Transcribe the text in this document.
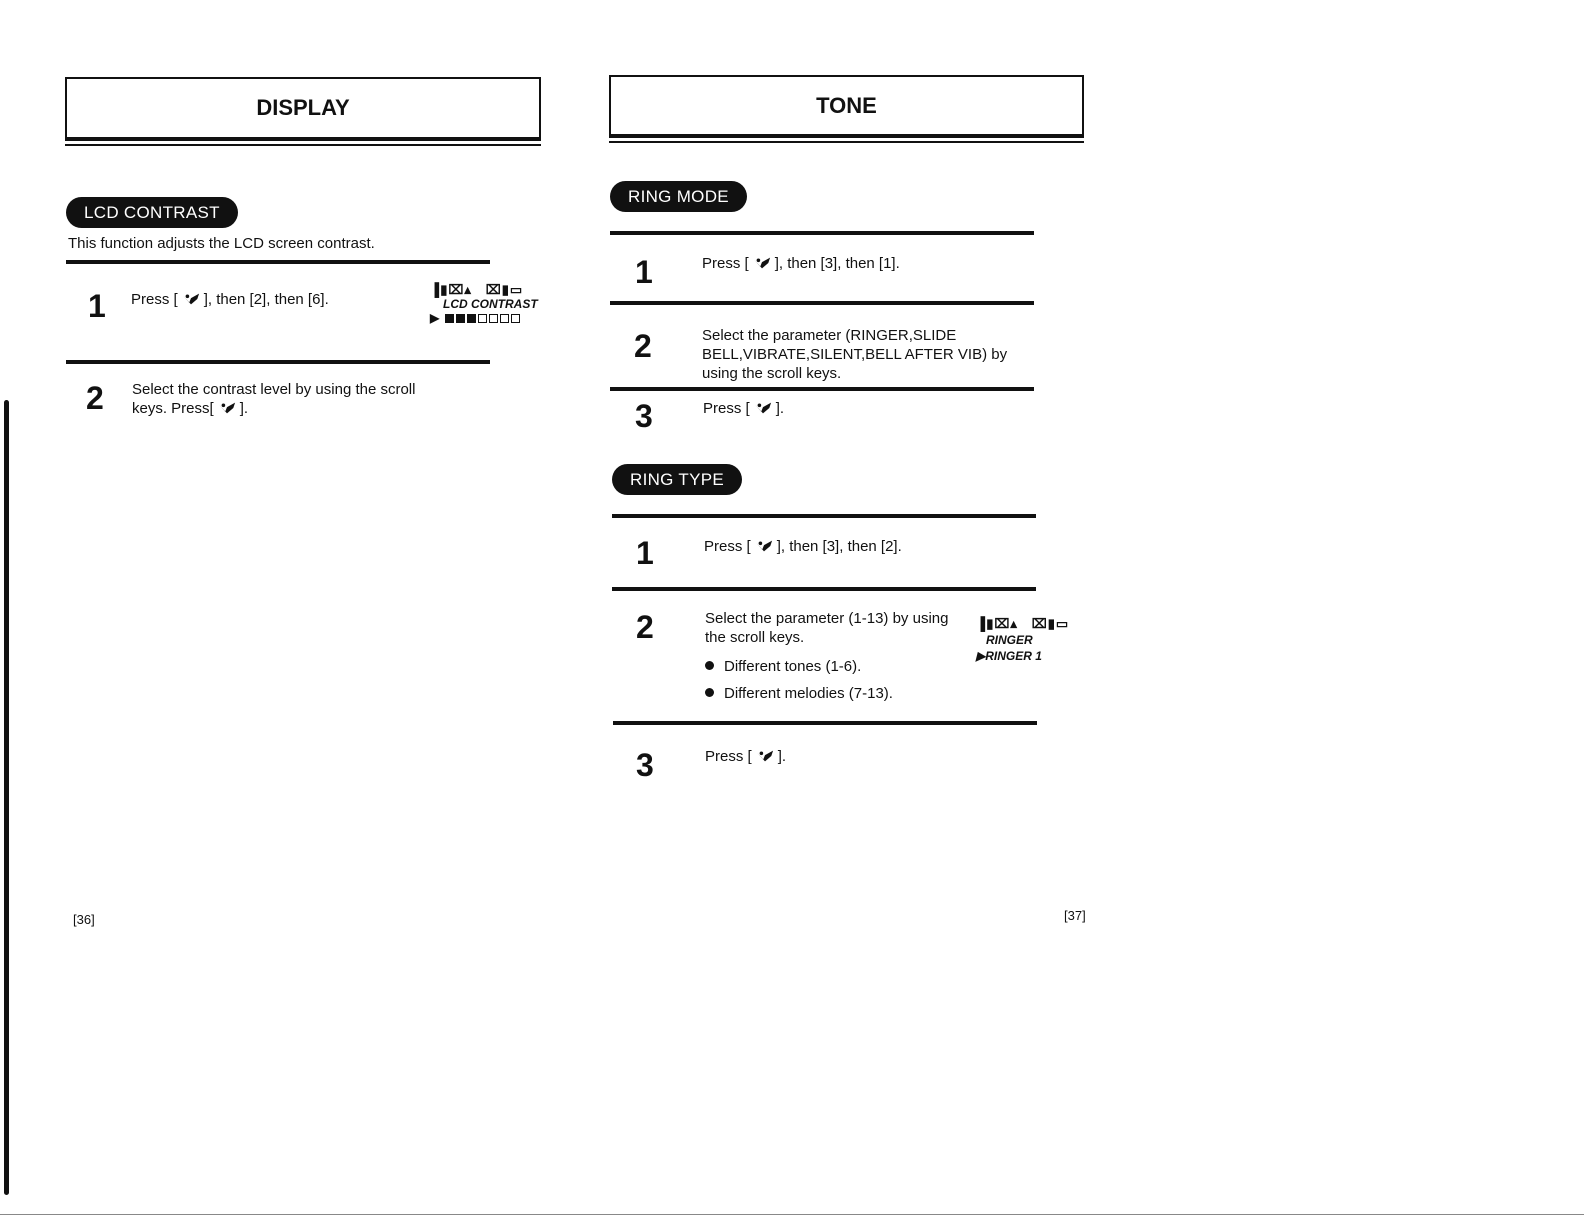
DISPLAY
LCD CONTRAST
This function adjusts the LCD screen contrast.
1 Press [ ], then [2], then [6].
▐▮⌧▴ ⌧▮▭
LCD CONTRAST
▶
2 Select the contrast level by using the scroll
keys. Press[ ].
[36]
TONE
RING MODE
1	Press [ ], then [3], then [1].
2	Select the parameter (RINGER,SLIDE
BELL,VIBRATE,SILENT,BELL AFTER VIB) by
using the scroll keys.
3	Press [ ].
RING TYPE
1	Press [ ], then [3], then [2].
2	Select the parameter (1-13) by using
the scroll keys.
Different tones (1-6).
Different melodies (7-13).
▐▮⌧▴ ⌧▮▭
RINGER
▶RINGER 1
3	Press [ ].
[37]
